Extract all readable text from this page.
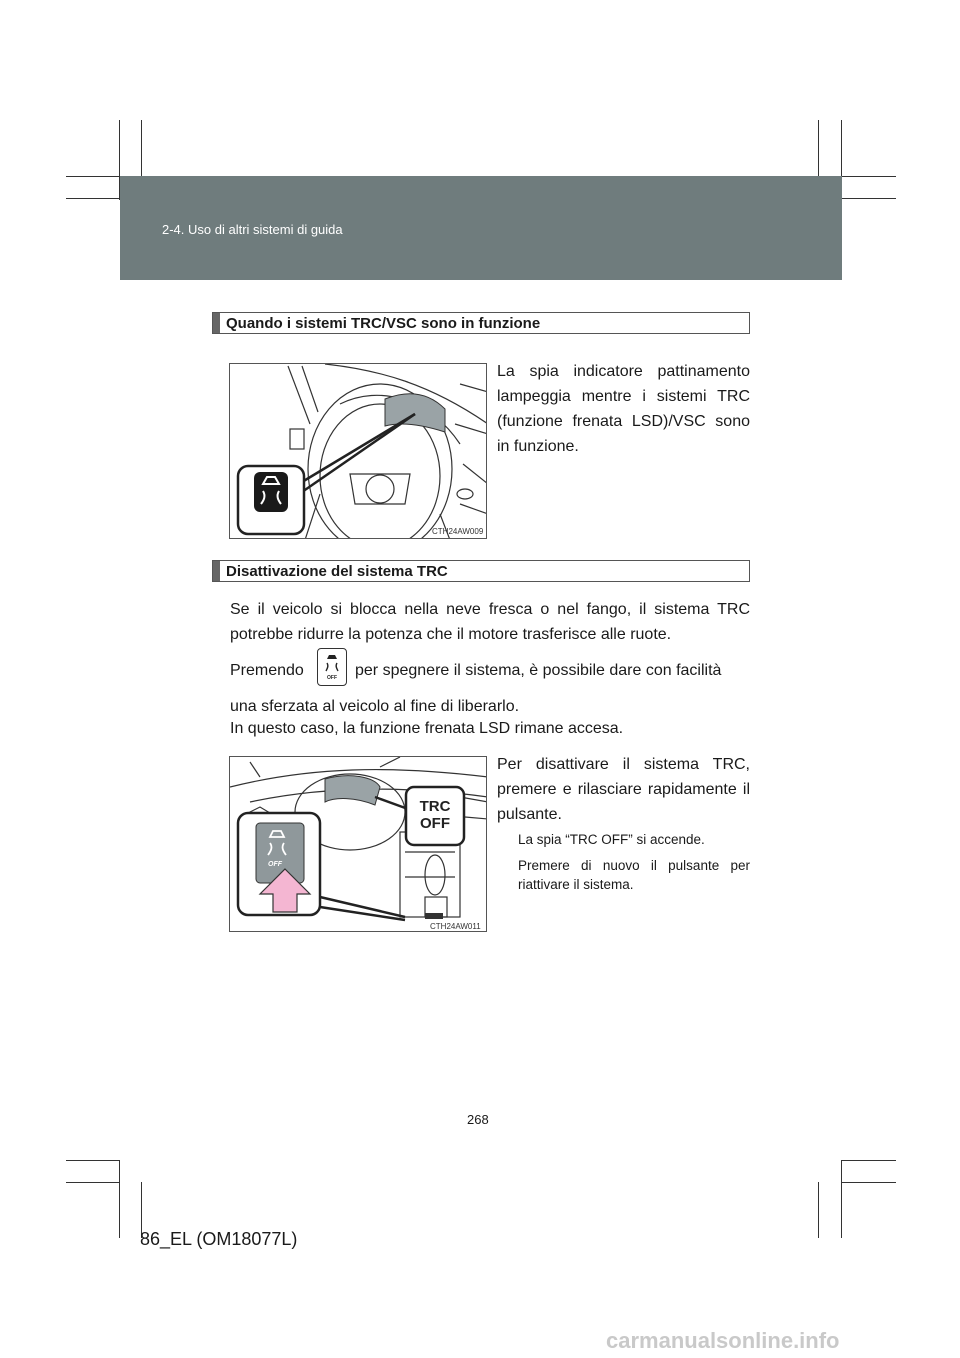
2-4. Uso di altri sistemi di guida
Quando i sistemi TRC/VSC sono in funzione
CTH24AW009
La spia indicatore pattinamento lampeggia mentre i sistemi TRC (funzione frenata LSD)/VSC sono in funzione.
Disattivazione del sistema TRC
Se il veicolo si blocca nella neve fresca o nel fango, il sistema TRC potrebbe ridurre la potenza che il motore trasferisce alle ruote.
Premendo	OFF per spegnere il sistema, è possibile dare con facilità
una sferzata al veicolo al fine di liberarlo.
In questo caso, la funzione frenata LSD rimane accesa.
TRC
OFF
OFF
CTH24AW011
Per disattivare il sistema TRC, premere e rilasciare rapidamente il pulsante.
La spia “TRC OFF” si accende.
Premere di nuovo il pulsante per riattivare il sistema.
268
86_EL (OM18077L)
carmanualsonline.info
